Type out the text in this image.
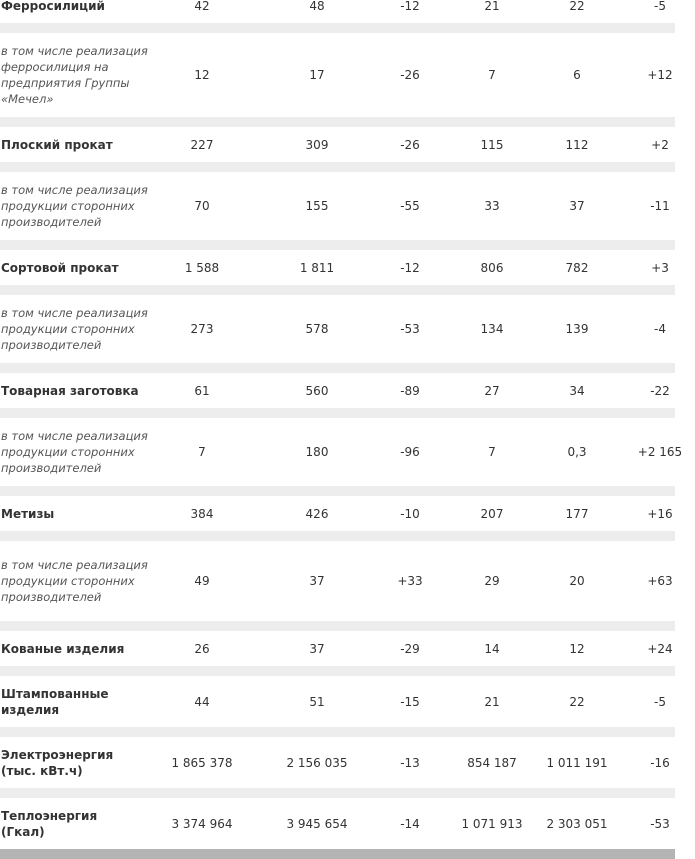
Ферросилиций	42	48	-12	21	22	-5
в том числе реализация
ферросилиция на
предприятия Группы
«Мечел»
12	17	-26	7	6	+12
Плоский прокат	227	309	-26	115	112	+2
в том числе реализация
продукции сторонних
производителей
70	155	-55	33	37	-11
Сортовой прокат	1 588	1 811	-12	806	782	+3
в том числе реализация
продукции сторонних
производителей
273	578	-53	134	139	-4
Товарная заготовка	61	560	-89	27	34	-22
в том числе реализация
продукции сторонних
производителей
7	180	-96	7	0,3	+2 165
Метизы	384	426	-10	207	177	+16
в том числе реализация
продукции сторонних
производителей
49	37	+33	29	20	+63
Кованые изделия	26	37	-29	14	12	+24
Штампованные
изделия
44	51	-15	21	22	-5
Электроэнергия
(тыс. кВт.ч)
1 865 378	2 156 035	-13	854 187	1 011 191	-16
Теплоэнергия
(Гкал)
3 374 964	3 945 654	-14	1 071 913	2 303 051	-53
